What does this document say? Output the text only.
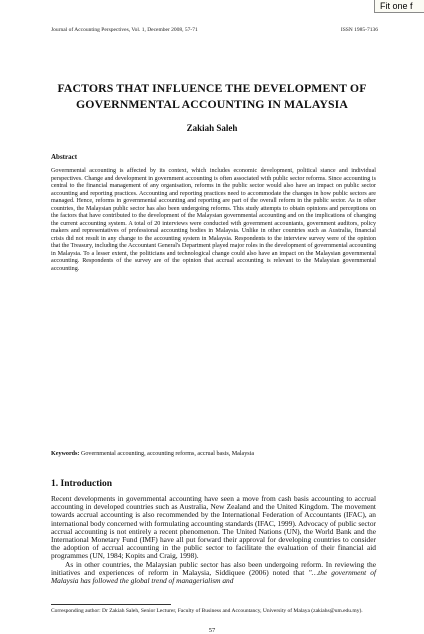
Journal of Accounting Perspectives, Vol. 1, December 2008, 57-71	ISSN 1985-7136
FACTORS THAT INFLUENCE THE DEVELOPMENT OF GOVERNMENTAL ACCOUNTING IN MALAYSIA
Zakiah Saleh
Abstract

Governmental accounting is affected by its context, which includes economic development, political stance and individual perspectives. Change and development in government accounting is often associated with public sector reforms. Since accounting is central to the financial management of any organisation, reforms in the public sector would also have an impact on public sector accounting and reporting practices. Accounting and reporting practices need to accommodate the changes in how public sectors are managed. Hence, reforms in governmental accounting and reporting are part of the overall reform in the public sector. As in other countries, the Malaysian public sector has also been undergoing reforms. This study attempts to obtain opinions and perceptions on the factors that have contributed to the development of the Malaysian governmental accounting and on the implications of changing the current accounting system. A total of 20 interviews were conducted with government accountants, government auditors, policy makers and representatives of professional accounting bodies in Malaysia. Unlike in other countries such as Australia, financial crisis did not result in any change to the accounting system in Malaysia. Respondents to the interview survey were of the opinion that the Treasury, including the Accountant General's Department played major roles in the development of governmental accounting in Malaysia. To a lesser extent, the politicians and technological change could also have an impact on the Malaysian governmental accounting. Respondents of the survey are of the opinion that accrual accounting is relevant to the Malaysian governmental accounting.

Keywords: Governmental accounting, accounting reforms, accrual basis, Malaysia

1. Introduction

Recent developments in governmental accounting have seen a move from cash basis accounting to accrual accounting in developed countries such as Australia, New Zealand and the United Kingdom. The movement towards accrual accounting is also recommended by the International Federation of Accountants (IFAC), an international body concerned with formulating accounting standards (IFAC, 1999). Advocacy of public sector accrual accounting is not entirely a recent phenomenon. The United Nations (UN), the World Bank and the International Monetary Fund (IMF) have all put forward their approval for developing countries to consider the adoption of accrual accounting in the public sector to facilitate the evaluation of their financial aid programmes (UN, 1984; Kopits and Craig, 1998).

As in other countries, the Malaysian public sector has also been undergoing reform. In reviewing the initiatives and experiences of reform in Malaysia, Siddiquee (2006) noted that "…the government of Malaysia has followed the global trend of managerialism and

Corresponding author: Dr Zakiah Saleh, Senior Lecturer, Faculty of Business and Accountancy, University of Malaya (zakiahs@um.edu.my).

57
Fit one f
